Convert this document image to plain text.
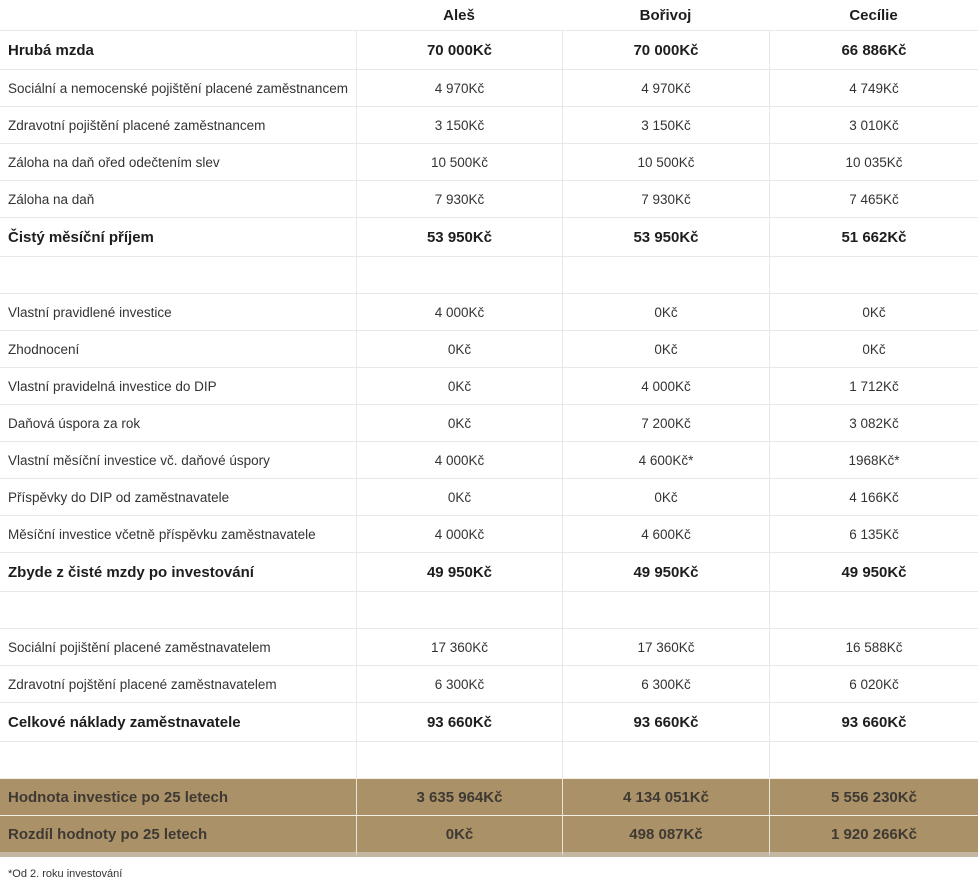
	Aleš	Bořivoj	Cecílie
Hrubá mzda	70 000Kč	70 000Kč	66 886Kč
Sociální a nemocenské pojištění placené zaměstnancem	4 970Kč	4 970Kč	4 749Kč
Zdravotní pojištění placené zaměstnancem	3 150Kč	3 150Kč	3 010Kč
Záloha na daň ořed odečtením slev	10 500Kč	10 500Kč	10 035Kč
Záloha na daň	7 930Kč	7 930Kč	7 465Kč
Čistý měsíční příjem	53 950Kč	53 950Kč	51 662Kč

Vlastní pravidlené investice	4 000Kč	0Kč	0Kč
Zhodnocení	0Kč	0Kč	0Kč
Vlastní pravidelná investice do DIP	0Kč	4 000Kč	1 712Kč
Daňová úspora za rok	0Kč	7 200Kč	3 082Kč
Vlastní měsíční investice vč. daňové úspory	4 000Kč	4 600Kč*	1968Kč*
Příspěvky do DIP od zaměstnavatele	0Kč	0Kč	4 166Kč
Měsíční investice včetně příspěvku zaměstnavatele	4 000Kč	4 600Kč	6 135Kč
Zbyde z čisté mzdy po investování	49 950Kč	49 950Kč	49 950Kč

Sociální pojištění placené zaměstnavatelem	17 360Kč	17 360Kč	16 588Kč
Zdravotní pojštění placené zaměstnavatelem	6 300Kč	6 300Kč	6 020Kč
Celkové náklady zaměstnavatele	93 660Kč	93 660Kč	93 660Kč

Hodnota investice po 25 letech	3 635 964Kč	4 134 051Kč	5 556 230Kč
Rozdíl hodnoty po 25 letech	0Kč	498 087Kč	1 920 266Kč
*Od 2. roku investování
